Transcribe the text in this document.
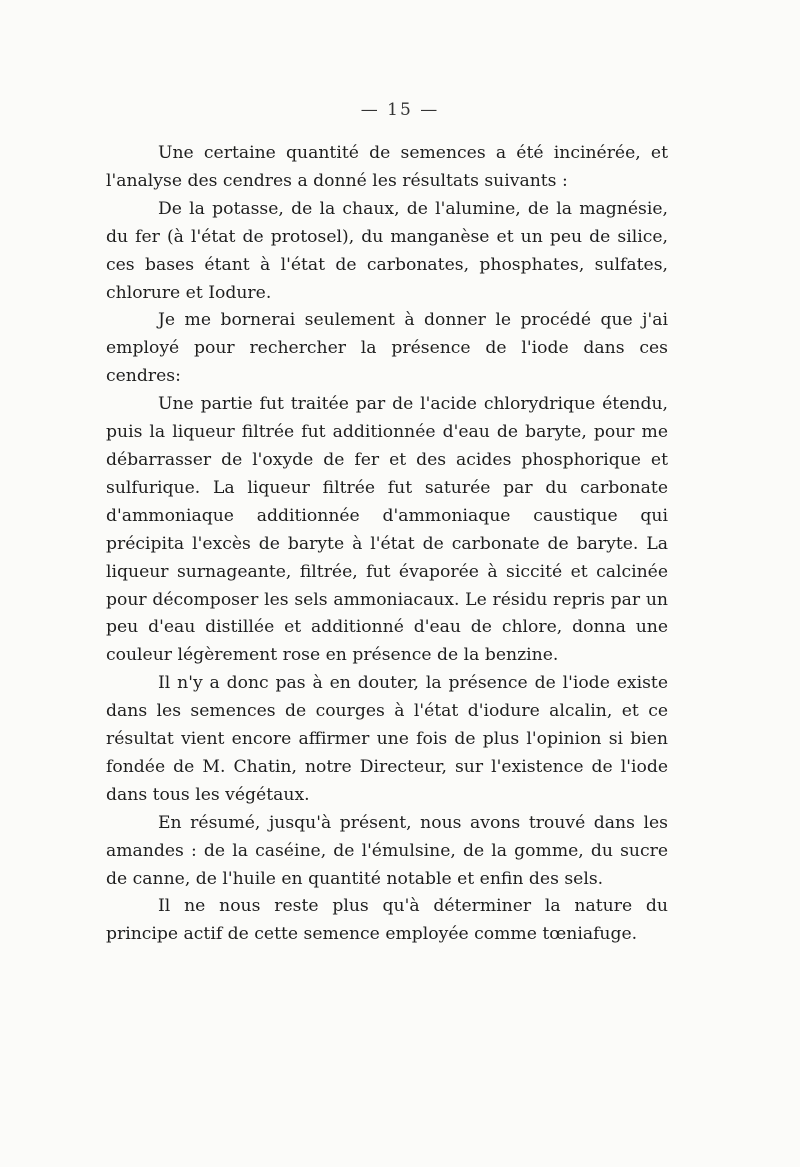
— 15 —

Une certaine quantité de semences a été incinérée, et l'analyse des cendres a donné les résultats suivants :

De la potasse, de la chaux, de l'alumine, de la magnésie, du fer (à l'état de protosel), du manganèse et un peu de silice, ces bases étant à l'état de carbonates, phosphates, sulfates, chlorure et Iodure.

Je me bornerai seulement à donner le procédé que j'ai employé pour rechercher la présence de l'iode dans ces cendres:

Une partie fut traitée par de l'acide chlorydrique étendu, puis la liqueur filtrée fut additionnée d'eau de baryte, pour me débarrasser de l'oxyde de fer et des acides phosphorique et sulfurique. La liqueur filtrée fut saturée par du carbonate d'ammoniaque additionnée d'ammoniaque caustique qui précipita l'excès de baryte à l'état de carbonate de baryte. La liqueur surnageante, filtrée, fut évaporée à siccité et calcinée pour décomposer les sels ammoniacaux. Le résidu repris par un peu d'eau distillée et additionné d'eau de chlore, donna une couleur légèrement rose en présence de la benzine.

Il n'y a donc pas à en douter, la présence de l'iode existe dans les semences de courges à l'état d'iodure alcalin, et ce résultat vient encore affirmer une fois de plus l'opinion si bien fondée de M. Chatin, notre Directeur, sur l'existence de l'iode dans tous les végétaux.

En résumé, jusqu'à présent, nous avons trouvé dans les amandes : de la caséine, de l'émulsine, de la gomme, du sucre de canne, de l'huile en quantité notable et enfin des sels.

Il ne nous reste plus qu'à déterminer la nature du principe actif de cette semence employée comme tœniafuge.
